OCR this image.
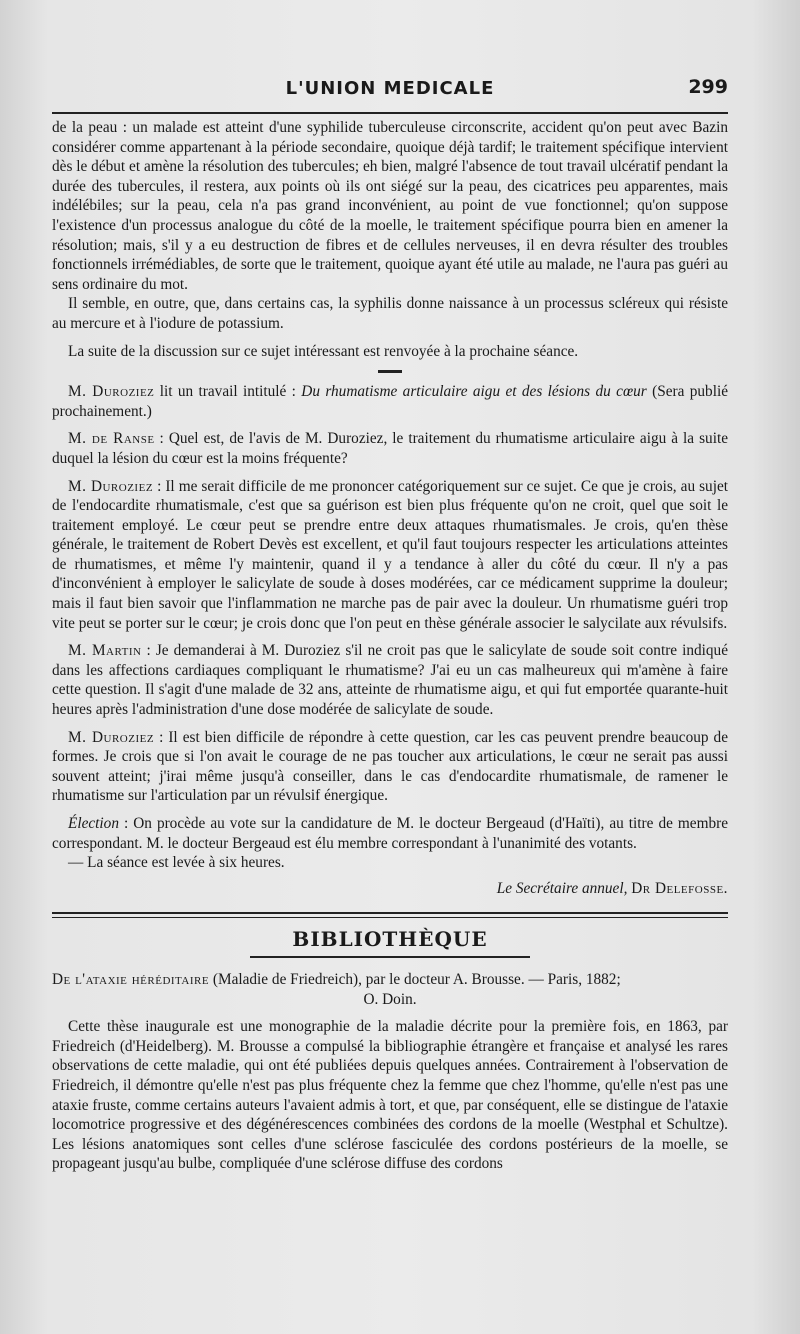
L'UNION MEDICALE	299

de la peau : un malade est atteint d'une syphilide tuberculeuse circonscrite, accident qu'on peut avec Bazin considérer comme appartenant à la période secondaire, quoique déjà tardif; le traitement spécifique intervient dès le début et amène la résolution des tubercules; eh bien, malgré l'absence de tout travail ulcératif pendant la durée des tubercules, il restera, aux points où ils ont siégé sur la peau, des cicatrices peu apparentes, mais indélébiles; sur la peau, cela n'a pas grand inconvénient, au point de vue fonctionnel; qu'on suppose l'existence d'un processus analogue du côté de la moelle, le traitement spécifique pourra bien en amener la résolution; mais, s'il y a eu destruction de fibres et de cellules nerveuses, il en devra résulter des troubles fonctionnels irrémédiables, de sorte que le traitement, quoique ayant été utile au malade, ne l'aura pas guéri au sens ordinaire du mot.

Il semble, en outre, que, dans certains cas, la syphilis donne naissance à un processus scléreux qui résiste au mercure et à l'iodure de potassium.

La suite de la discussion sur ce sujet intéressant est renvoyée à la prochaine séance.

M. Duroziez lit un travail intitulé : Du rhumatisme articulaire aigu et des lésions du cœur (Sera publié prochainement.)

M. de Ranse : Quel est, de l'avis de M. Duroziez, le traitement du rhumatisme articulaire aigu à la suite duquel la lésion du cœur est la moins fréquente?

M. Duroziez : Il me serait difficile de me prononcer catégoriquement sur ce sujet. Ce que je crois, au sujet de l'endocardite rhumatismale, c'est que sa guérison est bien plus fréquente qu'on ne croit, quel que soit le traitement employé. Le cœur peut se prendre entre deux attaques rhumatismales. Je crois, qu'en thèse générale, le traitement de Robert Devès est excellent, et qu'il faut toujours respecter les articulations atteintes de rhumatismes, et même l'y maintenir, quand il y a tendance à aller du côté du cœur. Il n'y a pas d'inconvénient à employer le salicylate de soude à doses modérées, car ce médicament supprime la douleur; mais il faut bien savoir que l'inflammation ne marche pas de pair avec la douleur. Un rhumatisme guéri trop vite peut se porter sur le cœur; je crois donc que l'on peut en thèse générale associer le salycilate aux révulsifs.

M. Martin : Je demanderai à M. Duroziez s'il ne croit pas que le salicylate de soude soit contre indiqué dans les affections cardiaques compliquant le rhumatisme? J'ai eu un cas malheureux qui m'amène à faire cette question. Il s'agit d'une malade de 32 ans, atteinte de rhumatisme aigu, et qui fut emportée quarante-huit heures après l'administration d'une dose modérée de salicylate de soude.

M. Duroziez : Il est bien difficile de répondre à cette question, car les cas peuvent prendre beaucoup de formes. Je crois que si l'on avait le courage de ne pas toucher aux articulations, le cœur ne serait pas aussi souvent atteint; j'irai même jusqu'à conseiller, dans le cas d'endocardite rhumatismale, de ramener le rhumatisme sur l'articulation par un révulsif énergique.

Élection : On procède au vote sur la candidature de M. le docteur Bergeaud (d'Haïti), au titre de membre correspondant. M. le docteur Bergeaud est élu membre correspondant à l'unanimité des votants.

— La séance est levée à six heures.

Le Secrétaire annuel, Dr Delefosse.

BIBLIOTHÈQUE

De l'ataxie héréditaire (Maladie de Friedreich), par le docteur A. Brousse. — Paris, 1882;

O. Doin.

Cette thèse inaugurale est une monographie de la maladie décrite pour la première fois, en 1863, par Friedreich (d'Heidelberg). M. Brousse a compulsé la bibliographie étrangère et française et analysé les rares observations de cette maladie, qui ont été publiées depuis quelques années. Contrairement à l'observation de Friedreich, il démontre qu'elle n'est pas plus fréquente chez la femme que chez l'homme, qu'elle n'est pas une ataxie fruste, comme certains auteurs l'avaient admis à tort, et que, par conséquent, elle se distingue de l'ataxie locomotrice progressive et des dégénérescences combinées des cordons de la moelle (Westphal et Schultze). Les lésions anatomiques sont celles d'une sclérose fasciculée des cordons postérieurs de la moelle, se propageant jusqu'au bulbe, compliquée d'une sclérose diffuse des cordons
